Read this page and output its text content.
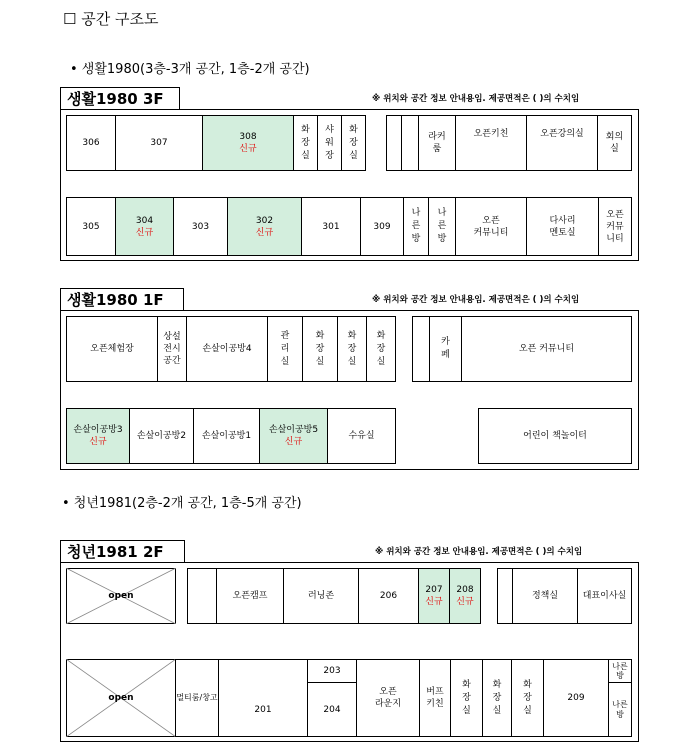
☐ 공간 구조도
• 생활1980(3층-3개 공간, 1층-2개 공간)
생활1980 3F	※ 위치와 공간 정보 안내용임. 제공면적은 ( )의 수치임
306	307
308
신규
화장실
샤워장
화장실
라커룸
오픈키친	오픈강의실 회의실
305
304
신규
303
302
신규
301	309
나른방
나른방
오픈
커뮤니티
다사리
멘토실
오픈
커뮤
니티
생활1980 1F	※ 위치와 공간 정보 안내용임. 제공면적은 ( )의 수치임
오픈체험장
상설
전시
공간
손살이공방4
관리실
화장실
화장실
화장실
카페
오픈 커뮤니티
손살이공방3
신규
손살이공방2 손살이공방1
손살이공방5
신규
수유실	어린이 책놀이터
• 청년1981(2층-2개 공간, 1층-5개 공간)
청년1981 2F	※ 위치와 공간 정보 안내용임. 제공면적은 ( )의 수치임
open	오픈캠프	러닝존	206
207
신규
208
신규
정책실	대표이사실
open	멀티룸/창고
201
203
204
오픈
라운지
버프
키친
화장실
화장실
화장실
209
나른방
나른방
